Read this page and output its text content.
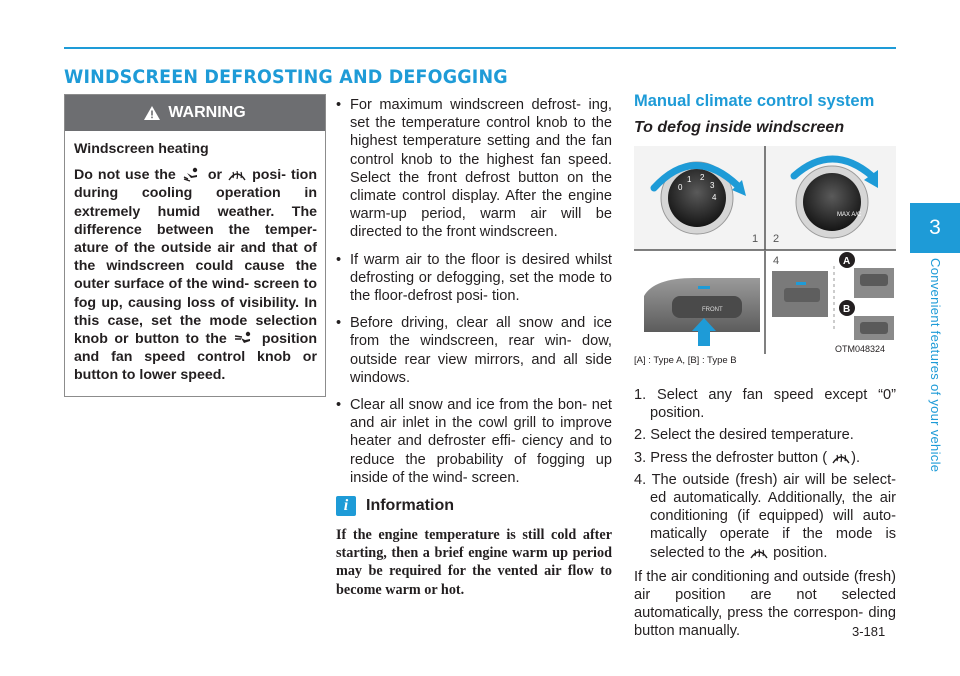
WINDSCREEN DEFROSTING AND DEFOGGING
3
Convenient features of your vehicle
WARNING
Windscreen heating

Do not use the or posi- tion during cooling operation in extremely humid weather. The difference between the temper- ature of the outside air and that of the windscreen could cause the outer surface of the wind- screen to fog up, causing loss of visibility. In this case, set the mode selection knob or button to the position and fan speed control knob or button to lower speed.

• For maximum windscreen defrost- ing, set the temperature control knob to the highest temperature setting and the fan control knob to the highest fan speed. Select the front defrost button on the climate control display. After the engine warm-up period, warm air will be directed to the front windscreen.
• If warm air to the floor is desired whilst defrosting or defogging, set the mode to the floor-defrost posi- tion.
• Before driving, clear all snow and ice from the windscreen, rear win- dow, outside rear view mirrors, and all side windows.
• Clear all snow and ice from the bon- net and air inlet in the cowl grill to improve heater and defroster effi- ciency and to reduce the probability of fogging up inside of the wind- screen.
i	Information
If the engine temperature is still cold after starting, then a brief engine warm up period may be required for the vented air flow to become warm or hot.
Manual climate control system
To defog inside windscreen
0
1 2
3
4
MAX A/C
1 2
4
FRONT
A
B
OTM048324
[A] : Type A, [B] : Type B
1. Select any fan speed except “0” position.
2. Select the desired temperature.
3. Press the defroster button ( ).
4. The outside (fresh) air will be select- ed automatically. Additionally, the air conditioning (if equipped) will auto- matically operate if the mode is selected to the position.
If the air conditioning and outside (fresh) air position are not selected automatically, press the correspon- ding button manually.	3-181
